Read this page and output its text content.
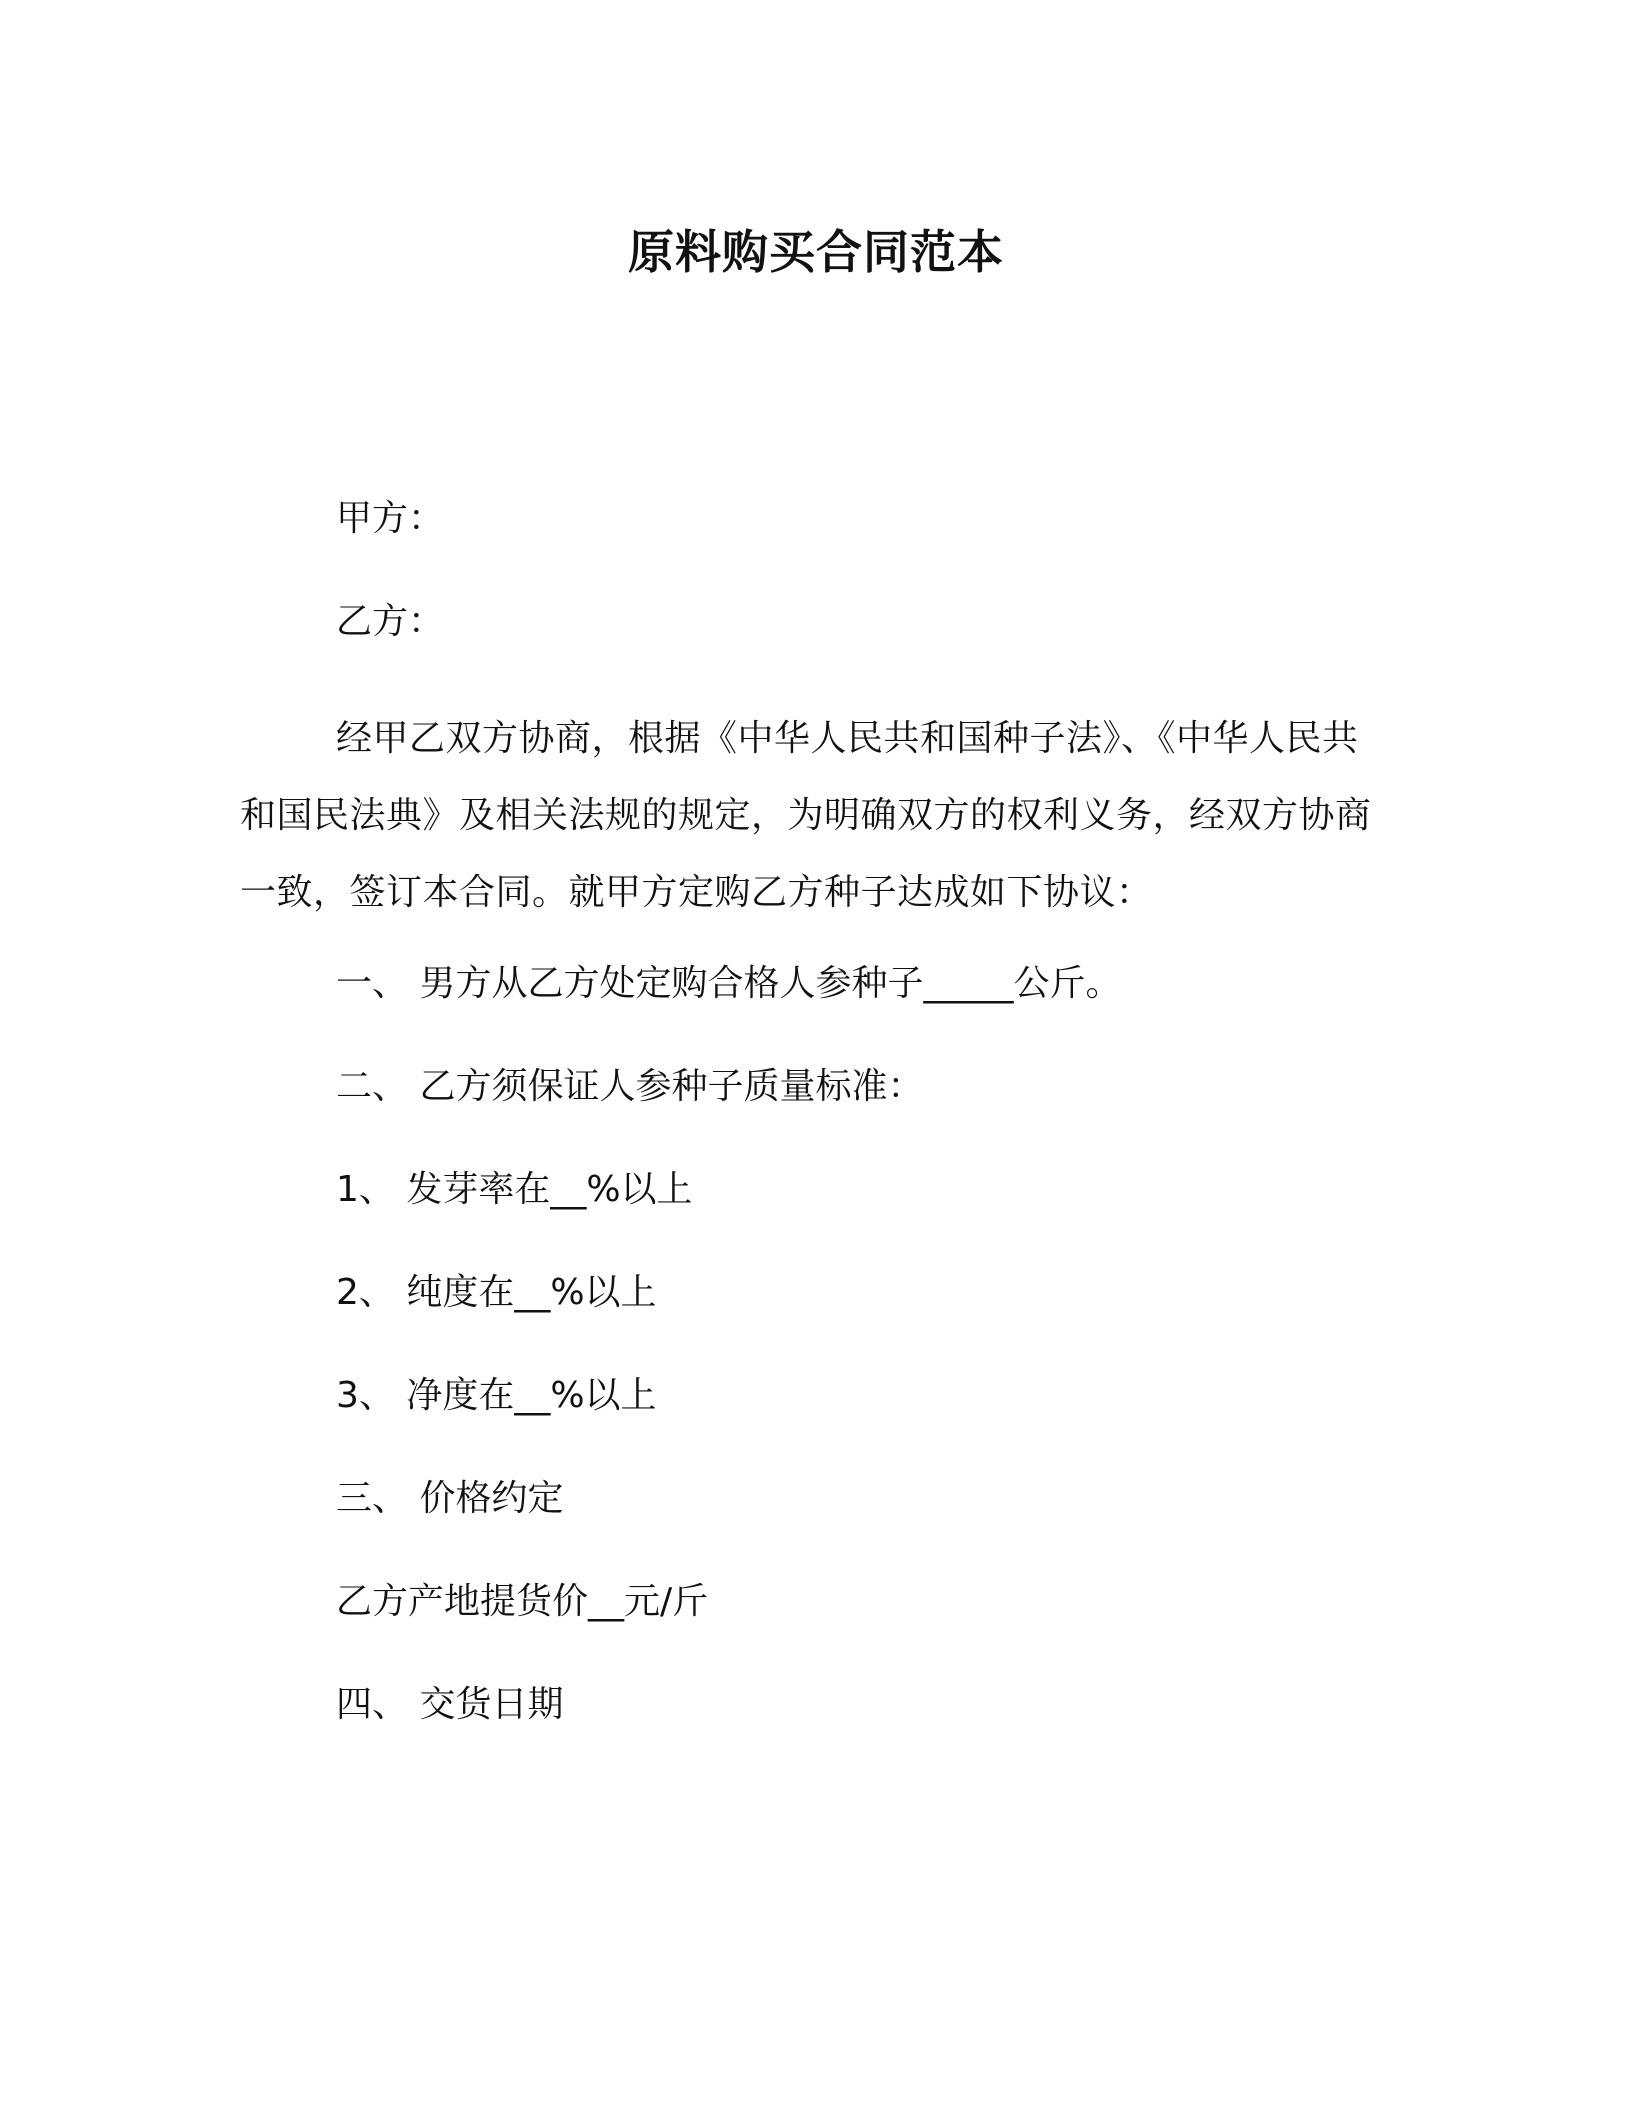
原料购买合同范本
甲方：
乙方：
经甲乙双方协商，根据《中华人民共和国种子法》、《中华人民共和国民法典》及相关法规的规定，为明确双方的权利义务，经双方协商一致，签订本合同。就甲方定购乙方种子达成如下协议：
一、 男方从乙方处定购合格人参种子_____公斤。
二、 乙方须保证人参种子质量标准：
1、 发芽率在__%以上
2、 纯度在__%以上
3、 净度在__%以上
三、 价格约定
乙方产地提货价__元/斤
四、 交货日期
